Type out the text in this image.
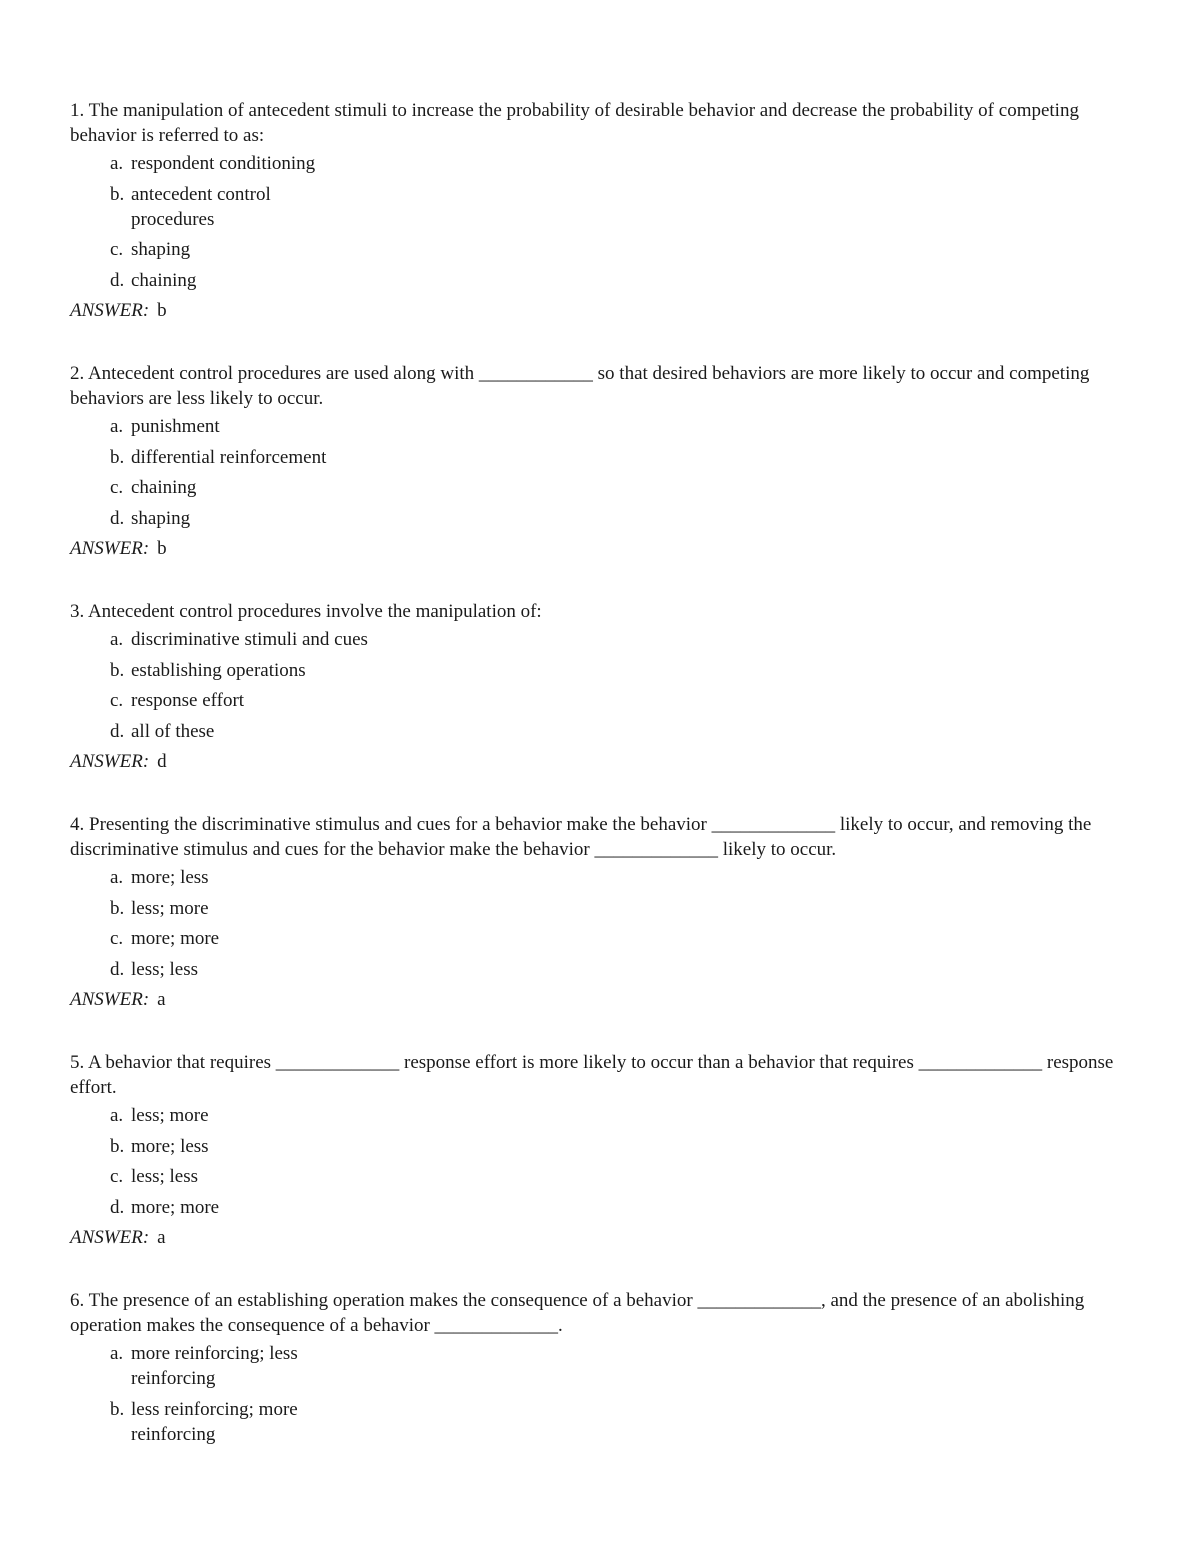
1. The manipulation of antecedent stimuli to increase the probability of desirable behavior and decrease the probability of competing behavior is referred to as:

a. respondent conditioning
b. antecedent control procedures
c. shaping
d. chaining

ANSWER: b

2. Antecedent control procedures are used along with ____________ so that desired behaviors are more likely to occur and competing behaviors are less likely to occur.

a. punishment
b. differential reinforcement
c. chaining
d. shaping

ANSWER: b

3. Antecedent control procedures involve the manipulation of:

a. discriminative stimuli and cues
b. establishing operations
c. response effort
d. all of these

ANSWER: d

4. Presenting the discriminative stimulus and cues for a behavior make the behavior _____________ likely to occur, and removing the discriminative stimulus and cues for the behavior make the behavior _____________ likely to occur.

a. more; less
b. less; more
c. more; more
d. less; less

ANSWER: a

5. A behavior that requires _____________ response effort is more likely to occur than a behavior that requires _____________ response effort.

a. less; more
b. more; less
c. less; less
d. more; more

ANSWER: a

6. The presence of an establishing operation makes the consequence of a behavior _____________, and the presence of an abolishing operation makes the consequence of a behavior _____________.

a. more reinforcing; less reinforcing
b. less reinforcing; more reinforcing
